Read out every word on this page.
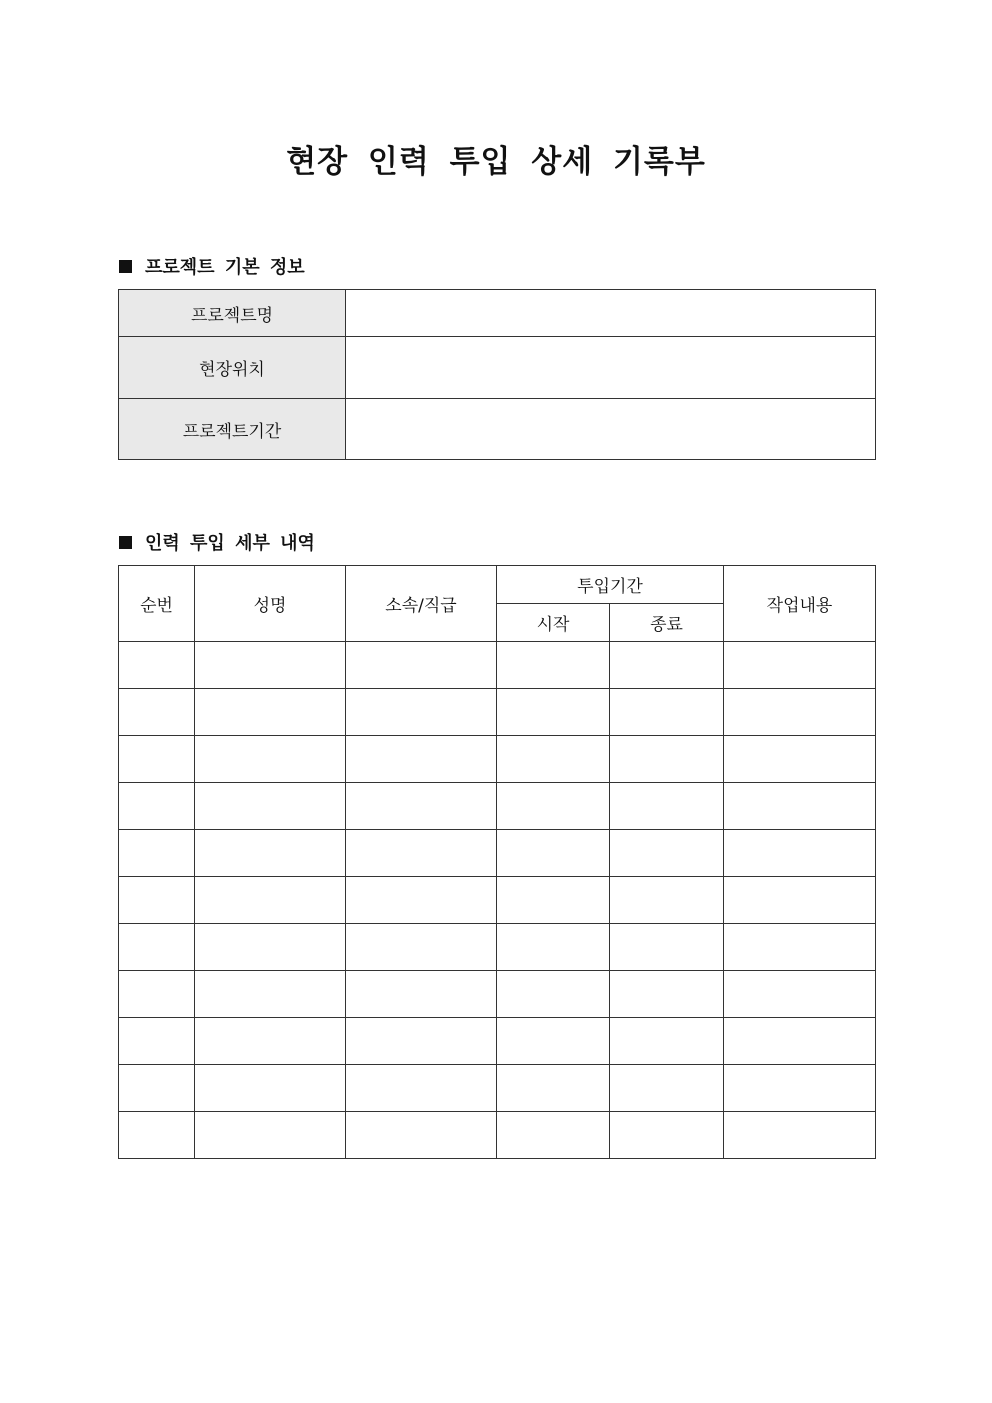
현장 인력 투입 상세 기록부
프로젝트 기본 정보
프로젝트명	
현장위치	
프로젝트기간	
인력 투입 세부 내역
순번	성명	소속/직급	투입기간		작업내용
			시작	종료	
